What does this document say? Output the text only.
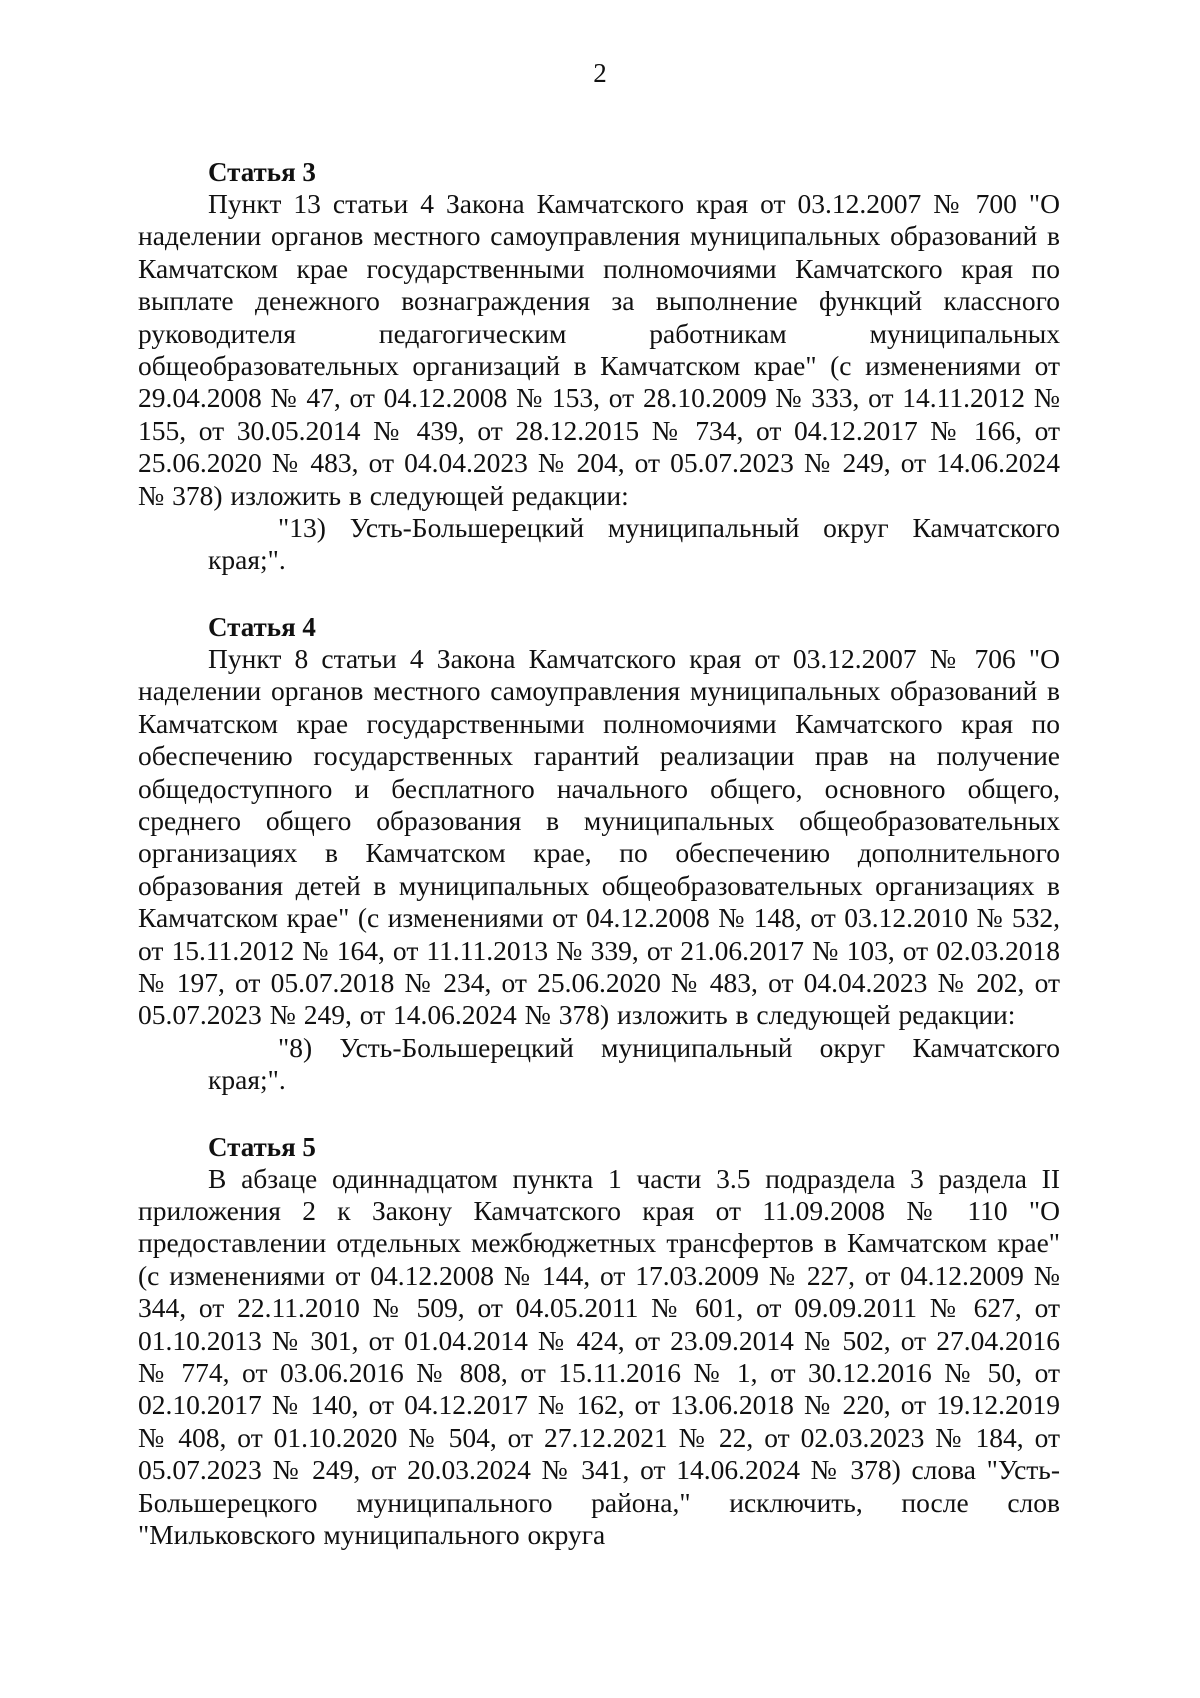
2
Статья 3

Пункт 13 статьи 4 Закона Камчатского края от 03.12.2007 № 700 "О наделении органов местного самоуправления муниципальных образований в Камчатском крае государственными полномочиями Камчатского края по выплате денежного вознаграждения за выполнение функций классного руководителя педагогическим работникам муниципальных общеобразовательных организаций в Камчатском крае" (с изменениями от 29.04.2008 № 47, от 04.12.2008 № 153, от 28.10.2009 № 333, от 14.11.2012 № 155, от 30.05.2014 № 439, от 28.12.2015 № 734, от 04.12.2017 № 166, от 25.06.2020 № 483, от 04.04.2023 № 204, от 05.07.2023 № 249, от 14.06.2024 № 378) изложить в следующей редакции:

"13) Усть-Большерецкий муниципальный округ Камчатского края;".

Статья 4

Пункт 8 статьи 4 Закона Камчатского края от 03.12.2007 № 706 "О наделении органов местного самоуправления муниципальных образований в Камчатском крае государственными полномочиями Камчатского края по обеспечению государственных гарантий реализации прав на получение общедоступного и бесплатного начального общего, основного общего, среднего общего образования в муниципальных общеобразовательных организациях в Камчатском крае, по обеспечению дополнительного образования детей в муниципальных общеобразовательных организациях в Камчатском крае" (с изменениями от 04.12.2008 № 148, от 03.12.2010 № 532, от 15.11.2012 № 164, от 11.11.2013 № 339, от 21.06.2017 № 103, от 02.03.2018 № 197, от 05.07.2018 № 234, от 25.06.2020 № 483, от 04.04.2023 № 202, от 05.07.2023 № 249, от 14.06.2024 № 378) изложить в следующей редакции:

"8) Усть-Большерецкий муниципальный округ Камчатского края;".

Статья 5

В абзаце одиннадцатом пункта 1 части 3.5 подраздела 3 раздела II приложения 2 к Закону Камчатского края от 11.09.2008 № 110 "О предоставлении отдельных межбюджетных трансфертов в Камчатском крае" (с изменениями от 04.12.2008 № 144, от 17.03.2009 № 227, от 04.12.2009 № 344, от 22.11.2010 № 509, от 04.05.2011 № 601, от 09.09.2011 № 627, от 01.10.2013 № 301, от 01.04.2014 № 424, от 23.09.2014 № 502, от 27.04.2016 № 774, от 03.06.2016 № 808, от 15.11.2016 № 1, от 30.12.2016 № 50, от 02.10.2017 № 140, от 04.12.2017 № 162, от 13.06.2018 № 220, от 19.12.2019 № 408, от 01.10.2020 № 504, от 27.12.2021 № 22, от 02.03.2023 № 184, от 05.07.2023 № 249, от 20.03.2024 № 341, от 14.06.2024 № 378) слова "Усть-Большерецкого муниципального района," исключить, после слов "Мильковского муниципального округа
